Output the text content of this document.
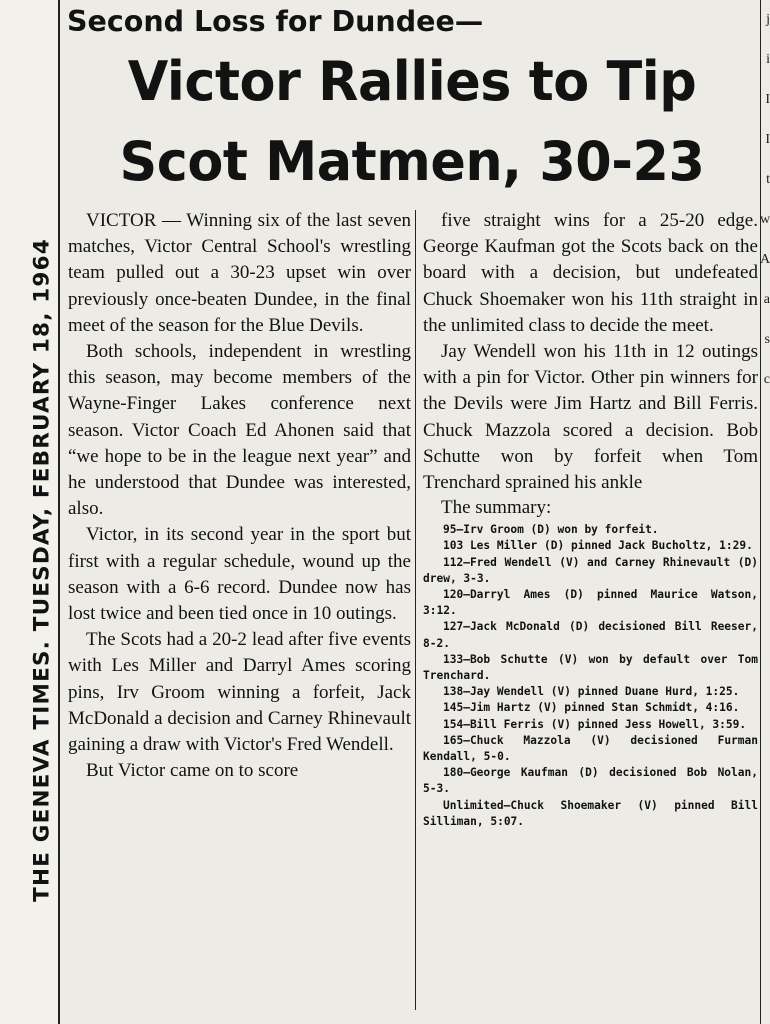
THE GENEVA TIMES. TUESDAY, FEBRUARY 18, 1964
Second Loss for Dundee—
Victor Rallies to Tip
Scot Matmen, 30-23

VICTOR — Winning six of the last seven matches, Victor Central School's wrestling team pulled out a 30-23 upset win over previously once-beaten Dundee, in the final meet of the season for the Blue Devils.

Both schools, independent in wrestling this season, may become members of the Wayne-Finger Lakes conference next season. Victor Coach Ed Ahonen said that “we hope to be in the league next year” and he understood that Dundee was interested, also.

Victor, in its second year in the sport but first with a regular schedule, wound up the season with a 6-6 record. Dundee now has lost twice and been tied once in 10 outings.

The Scots had a 20-2 lead after five events with Les Miller and Darryl Ames scoring pins, Irv Groom winning a forfeit, Jack McDonald a decision and Carney Rhinevault gaining a draw with Victor's Fred Wendell.

But Victor came on to score

five straight wins for a 25-20 edge. George Kaufman got the Scots back on the board with a decision, but undefeated Chuck Shoemaker won his 11th straight in the unlimited class to decide the meet.

Jay Wendell won his 11th in 12 outings with a pin for Victor. Other pin winners for the Devils were Jim Hartz and Bill Ferris. Chuck Mazzola scored a decision. Bob Schutte won by forfeit when Tom Trenchard sprained his ankle

The summary:

95—Irv Groom (D) won by forfeit.
103 Les Miller (D) pinned Jack Bucholtz, 1:29.
112—Fred Wendell (V) and Carney Rhinevault (D) drew, 3-3.
120—Darryl Ames (D) pinned Maurice Watson, 3:12.
127—Jack McDonald (D) decisioned Bill Reeser, 8-2.
133—Bob Schutte (V) won by default over Tom Trenchard.
138—Jay Wendell (V) pinned Duane Hurd, 1:25.
145—Jim Hartz (V) pinned Stan Schmidt, 4:16.
154—Bill Ferris (V) pinned Jess Howell, 3:59.
165—Chuck Mazzola (V) decisioned Furman Kendall, 5-0.
180—George Kaufman (D) decisioned Bob Nolan, 5-3.
Unlimited—Chuck Shoemaker (V) pinned Bill Silliman, 5:07.
j
i
I
I
t
w
A
a
s
c
